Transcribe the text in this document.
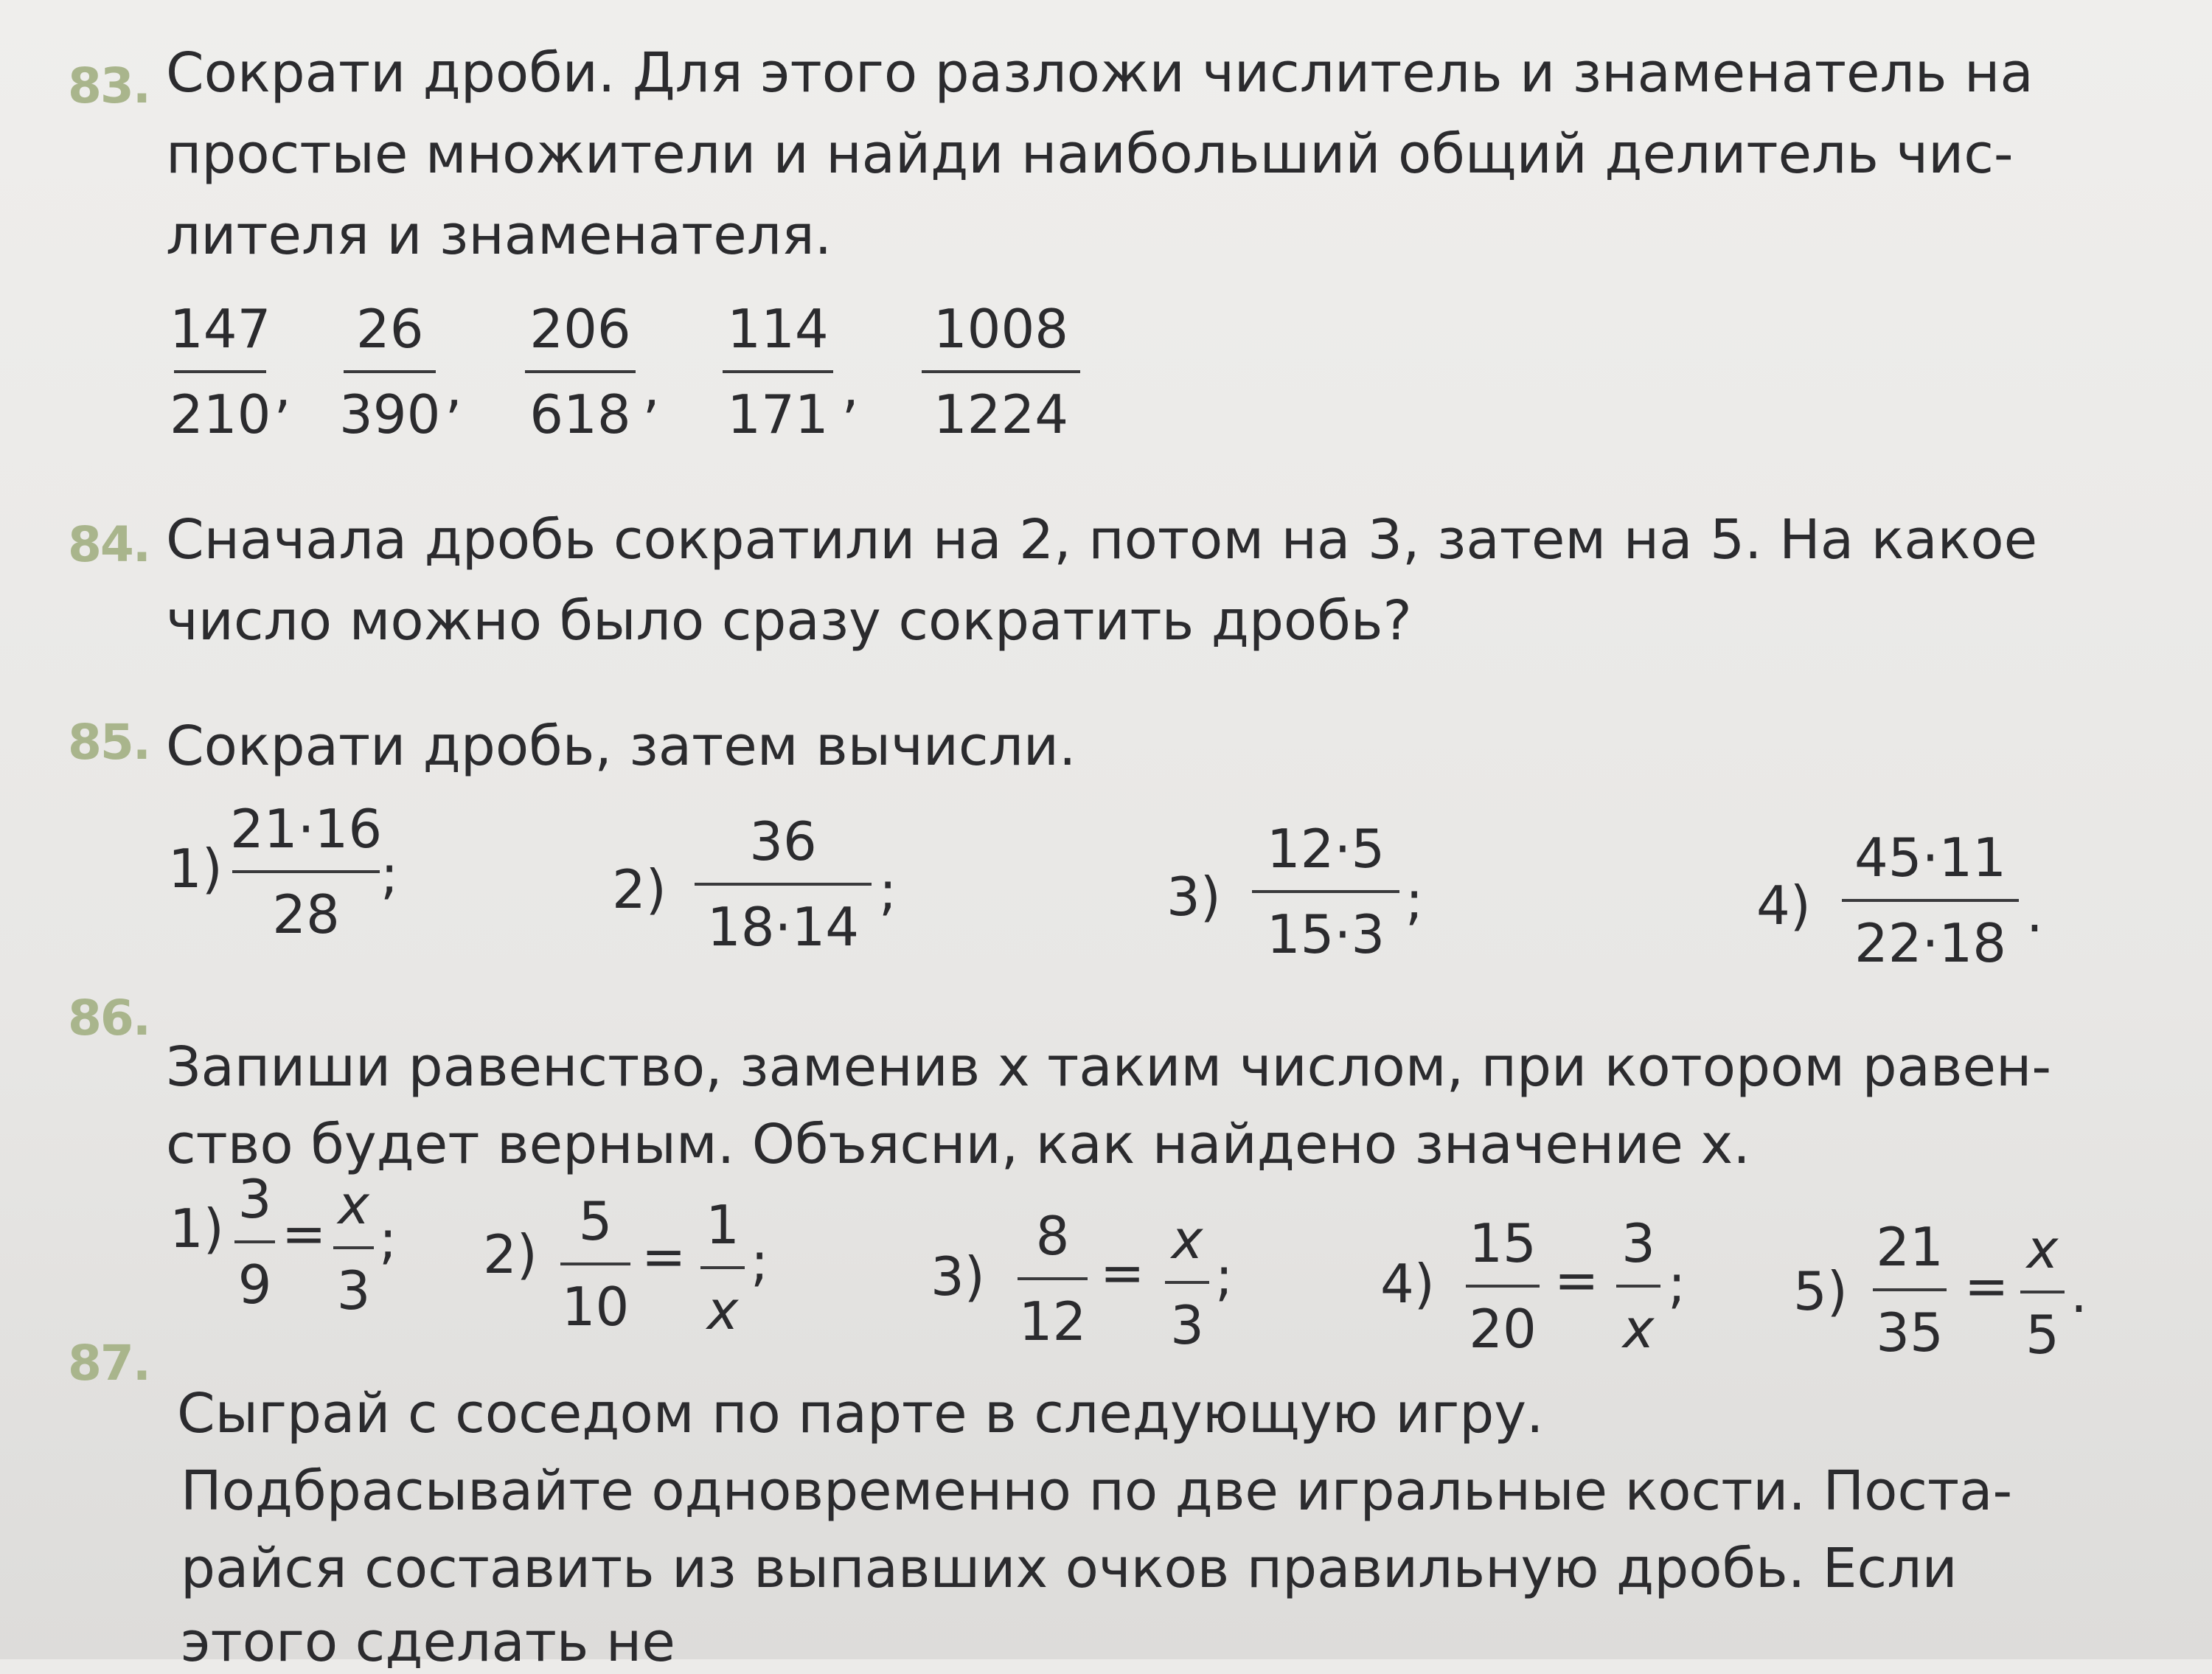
83. Сократи дроби. Для этого разложи числитель и знаменатель на
простые множители и найди наибольший общий делитель чис-
лителя и знаменателя.
147
210 ,
26
390 ,
206
618 ,
114
171 ,
1008
1224
84. Сначала дробь сократили на 2, потом на 3, затем на 5. На какое
число можно было сразу сократить дробь?
85. Сократи дробь, затем вычисли.
1)
21·16
28
;	2)
36
18·14
;	3)
12·5
15·3
;	4)
45·11
22·18 .
86.
Запиши равенство, заменив x таким числом, при котором равен-
ство будет верным. Объясни, как найдено значение x.
1) 3
9
= x
3
; 2)
5
10
=
1
x
;	3)
8
12
=
x
3
;	4)
15
20
=
3
x
; 5)
21
35
=
x
5
.
87.
Сыграй с соседом по парте в следующую игру.
Подбрасывайте одновременно по две игральные кости. Поста-
райся составить из выпавших очков правильную дробь. Если
этого сделать не
